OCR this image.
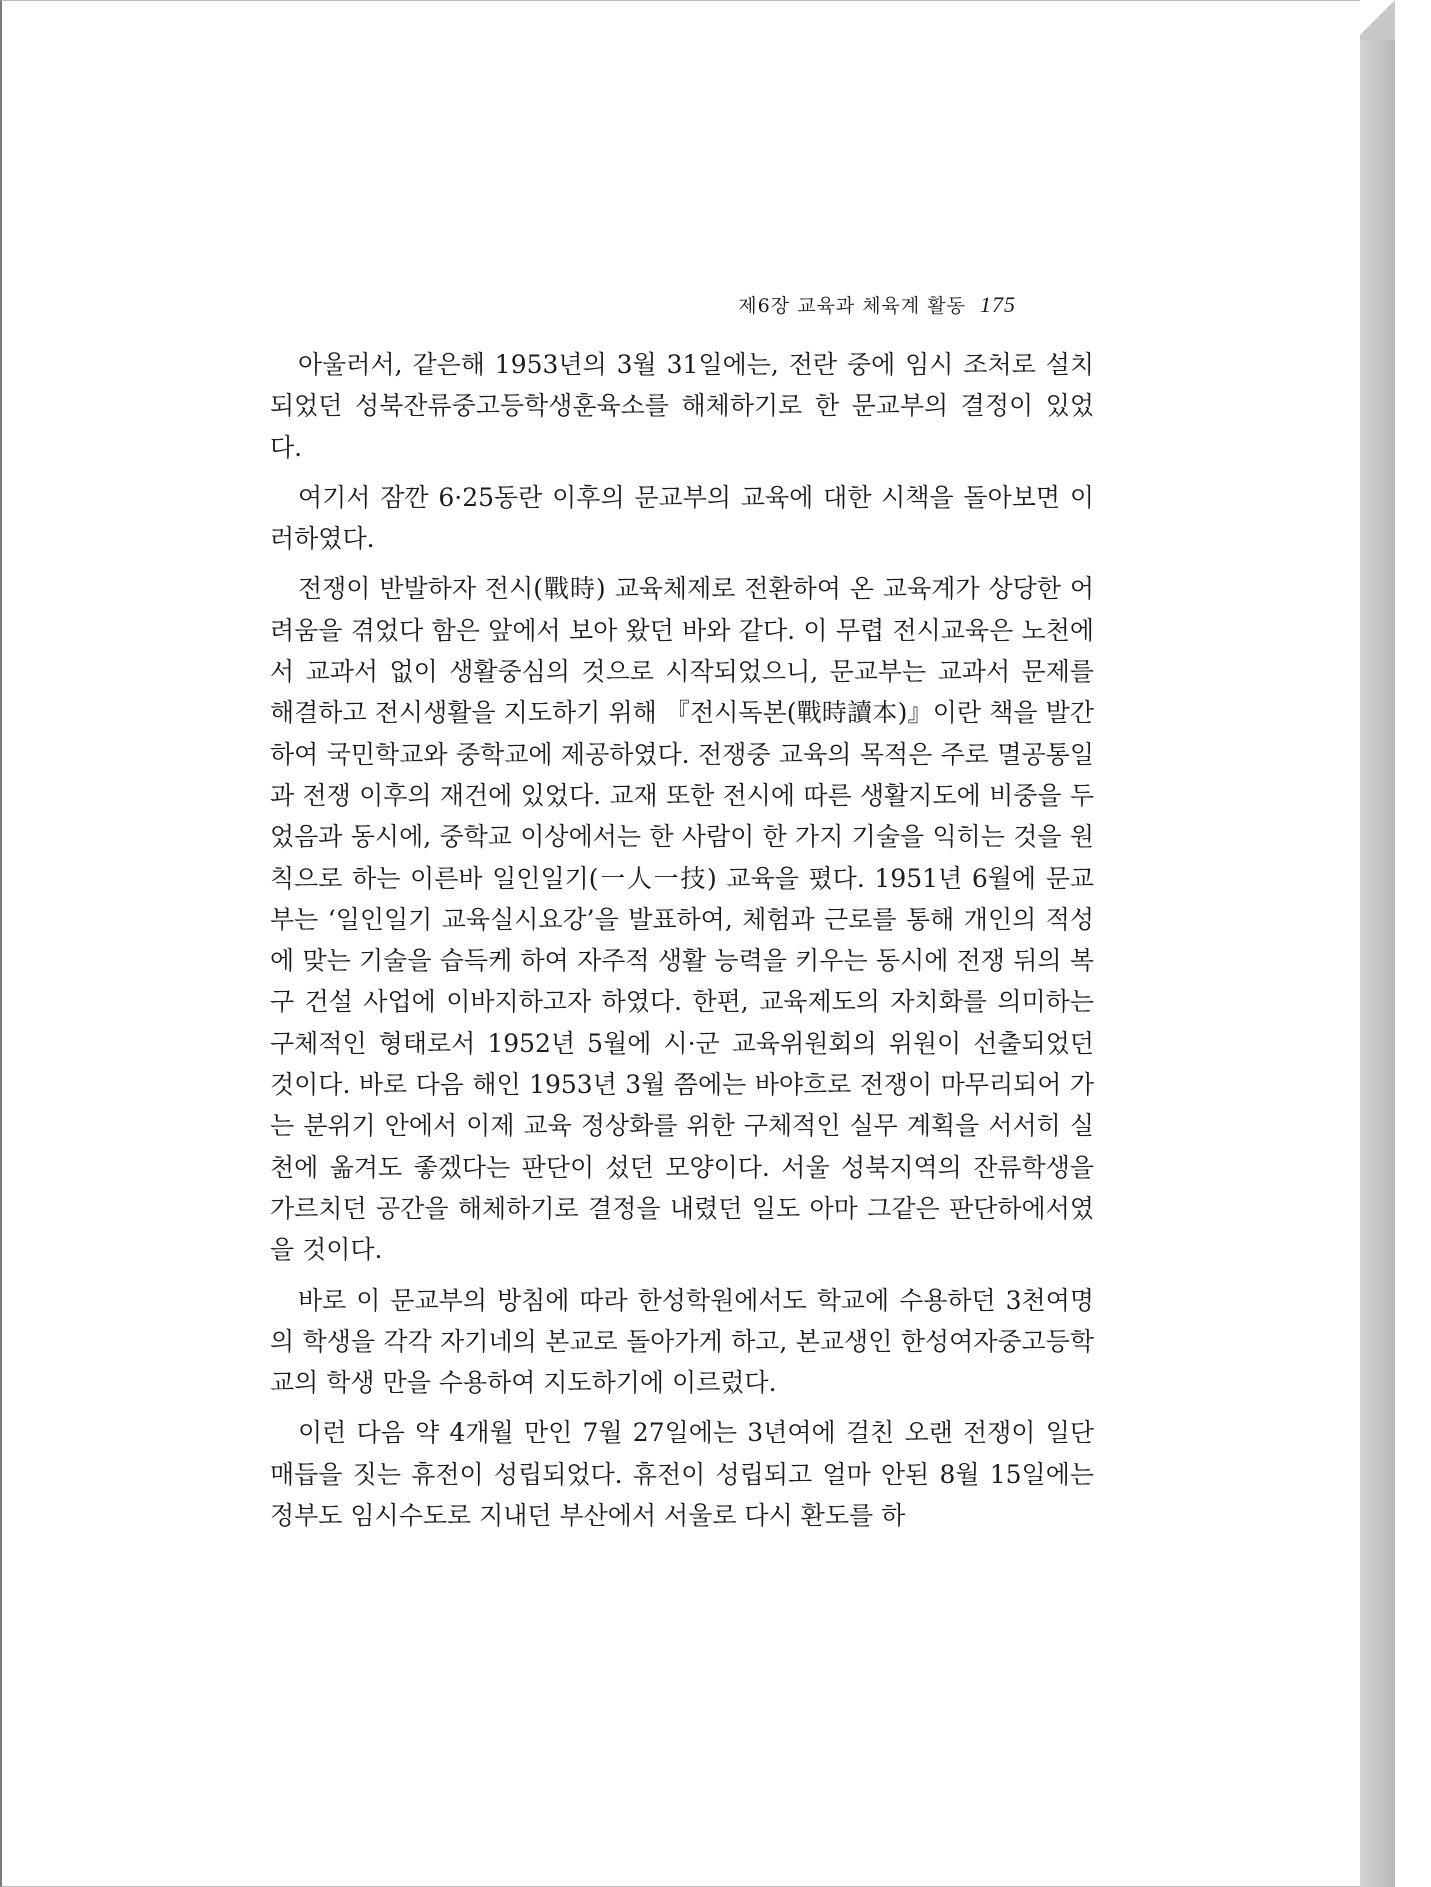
제6장 교육과 체육계 활동 175

아울러서, 같은해 1953년의 3월 31일에는, 전란 중에 임시 조처로 설치되었던 성북잔류중고등학생훈육소를 해체하기로 한 문교부의 결정이 있었다.

여기서 잠깐 6·25동란 이후의 문교부의 교육에 대한 시책을 돌아보면 이러하였다.

전쟁이 반발하자 전시(戰時) 교육체제로 전환하여 온 교육계가 상당한 어려움을 겪었다 함은 앞에서 보아 왔던 바와 같다. 이 무렵 전시교육은 노천에서 교과서 없이 생활중심의 것으로 시작되었으니, 문교부는 교과서 문제를 해결하고 전시생활을 지도하기 위해 『전시독본(戰時讀本)』이란 책을 발간하여 국민학교와 중학교에 제공하였다. 전쟁중 교육의 목적은 주로 멸공통일과 전쟁 이후의 재건에 있었다. 교재 또한 전시에 따른 생활지도에 비중을 두었음과 동시에, 중학교 이상에서는 한 사람이 한 가지 기술을 익히는 것을 원칙으로 하는 이른바 일인일기(一人一技) 교육을 폈다. 1951년 6월에 문교부는 ‘일인일기 교육실시요강’을 발표하여, 체험과 근로를 통해 개인의 적성에 맞는 기술을 습득케 하여 자주적 생활 능력을 키우는 동시에 전쟁 뒤의 복구 건설 사업에 이바지하고자 하였다. 한편, 교육제도의 자치화를 의미하는 구체적인 형태로서 1952년 5월에 시·군 교육위원회의 위원이 선출되었던 것이다. 바로 다음 해인 1953년 3월 쯤에는 바야흐로 전쟁이 마무리되어 가는 분위기 안에서 이제 교육 정상화를 위한 구체적인 실무 계획을 서서히 실천에 옮겨도 좋겠다는 판단이 섰던 모양이다. 서울 성북지역의 잔류학생을 가르치던 공간을 해체하기로 결정을 내렸던 일도 아마 그같은 판단하에서였을 것이다.

바로 이 문교부의 방침에 따라 한성학원에서도 학교에 수용하던 3천여명의 학생을 각각 자기네의 본교로 돌아가게 하고, 본교생인 한성여자중고등학교의 학생 만을 수용하여 지도하기에 이르렀다.

이런 다음 약 4개월 만인 7월 27일에는 3년여에 걸친 오랜 전쟁이 일단 매듭을 짓는 휴전이 성립되었다. 휴전이 성립되고 얼마 안된 8월 15일에는 정부도 임시수도로 지내던 부산에서 서울로 다시 환도를 하
